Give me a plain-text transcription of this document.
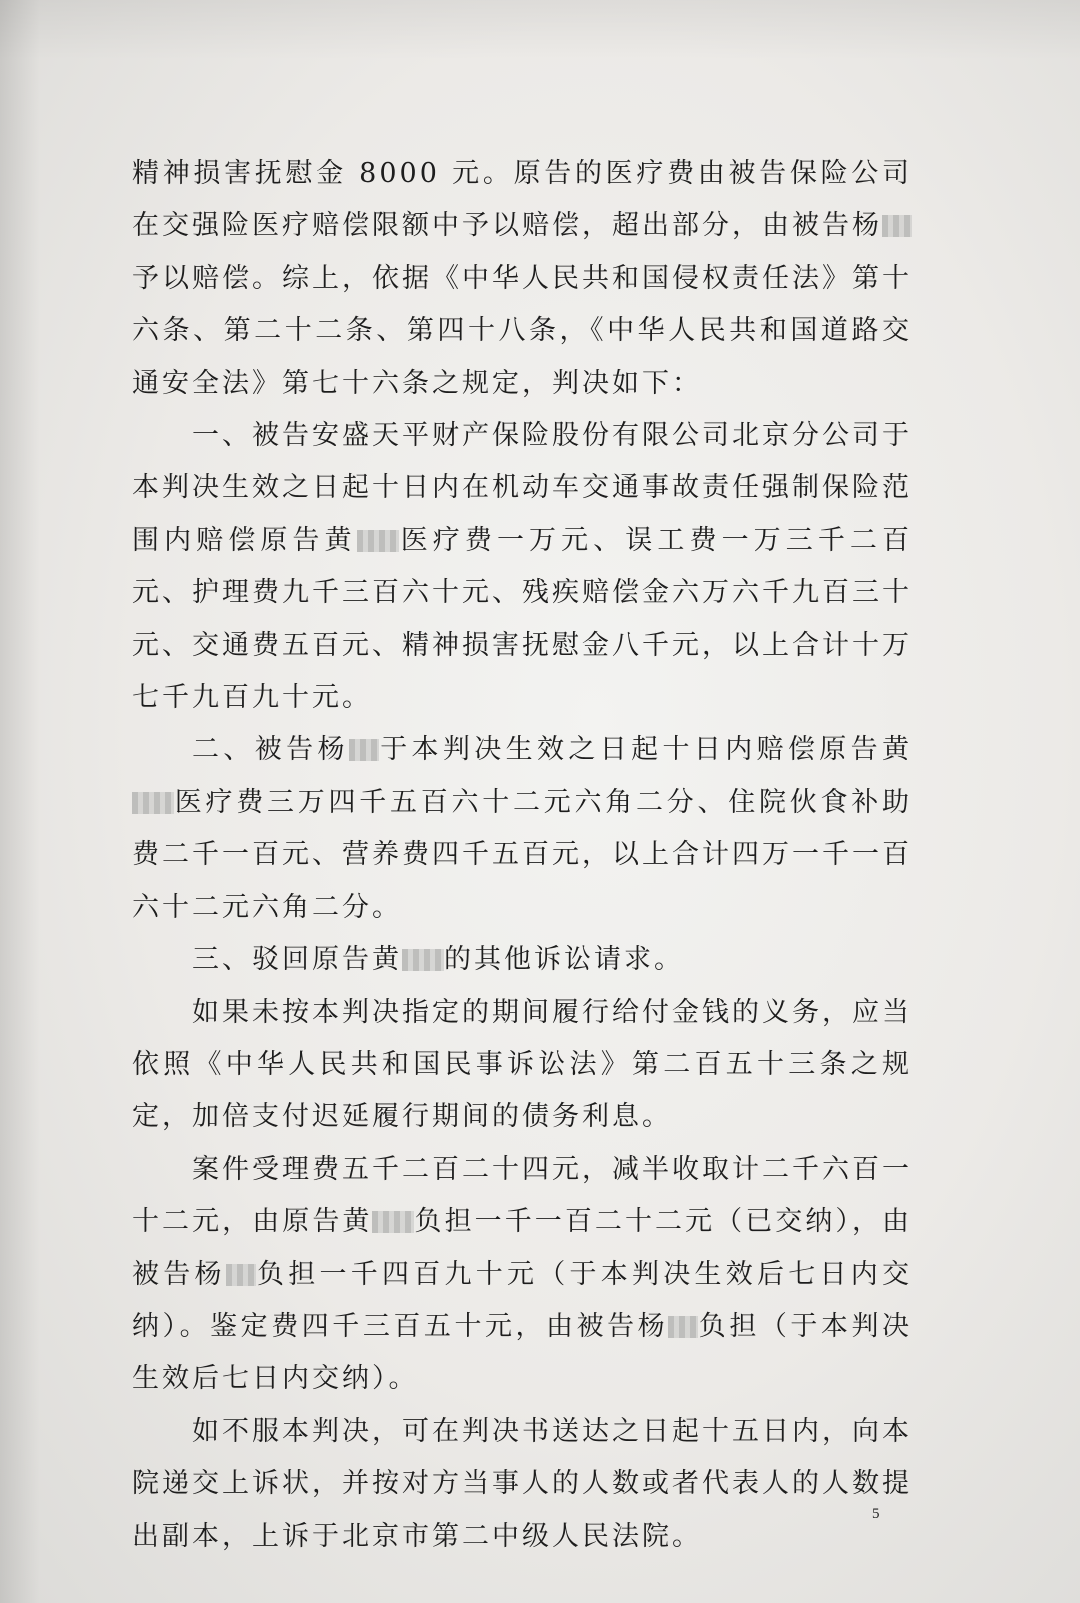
精神损害抚慰金 8000 元。原告的医疗费由被告保险公司在交强险医疗赔偿限额中予以赔偿，超出部分，由被告杨予以赔偿。综上，依据《中华人民共和国侵权责任法》第十六条、第二十二条、第四十八条，《中华人民共和国道路交通安全法》第七十六条之规定，判决如下：

一、被告安盛天平财产保险股份有限公司北京分公司于本判决生效之日起十日内在机动车交通事故责任强制保险范围内赔偿原告黄 医疗费一万元、误工费一万三千二百元、护理费九千三百六十元、残疾赔偿金六万六千九百三十元、交通费五百元、精神损害抚慰金八千元，以上合计十万七千九百九十元。

二、被告杨 于本判决生效之日起十日内赔偿原告黄医疗费三万四千五百六十二元六角二分、住院伙食补助费二千一百元、营养费四千五百元，以上合计四万一千一百六十二元六角二分。

三、驳回原告黄 的其他诉讼请求。

如果未按本判决指定的期间履行给付金钱的义务，应当依照《中华人民共和国民事诉讼法》第二百五十三条之规定，加倍支付迟延履行期间的债务利息。

案件受理费五千二百二十四元，减半收取计二千六百一十二元，由原告黄 负担一千一百二十二元（已交纳），由被告杨 负担一千四百九十元（于本判决生效后七日内交纳）。鉴定费四千三百五十元，由被告杨 负担（于本判决生效后七日内交纳）。

如不服本判决，可在判决书送达之日起十五日内，向本院递交上诉状，并按对方当事人的人数或者代表人的人数提出副本，上诉于北京市第二中级人民法院。

5
